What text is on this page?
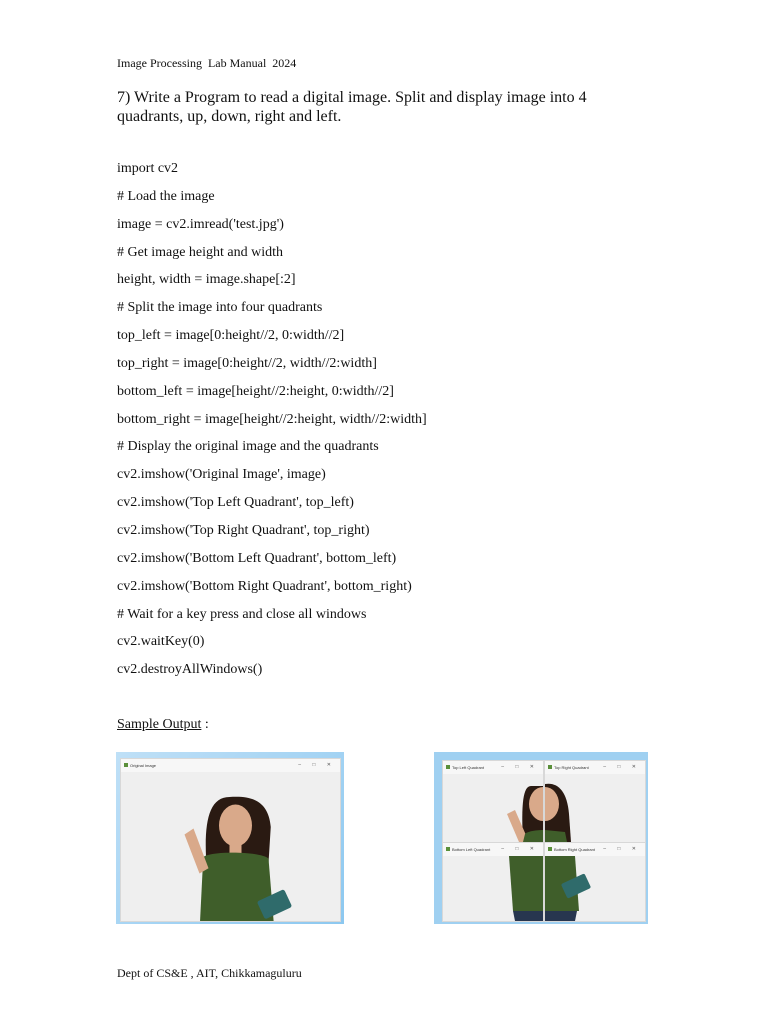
Image Processing  Lab Manual  2024
7) Write a Program to read a digital image. Split and display image into 4 quadrants, up, down, right and left.
import cv2
# Load the image
image = cv2.imread('test.jpg')
# Get image height and width
height, width = image.shape[:2]
# Split the image into four quadrants
top_left = image[0:height//2, 0:width//2]
top_right = image[0:height//2, width//2:width]
bottom_left = image[height//2:height, 0:width//2]
bottom_right = image[height//2:height, width//2:width]
# Display the original image and the quadrants
cv2.imshow('Original Image', image)
cv2.imshow('Top Left Quadrant', top_left)
cv2.imshow('Top Right Quadrant', top_right)
cv2.imshow('Bottom Left Quadrant', bottom_left)
cv2.imshow('Bottom Right Quadrant', bottom_right)
# Wait for a key press and close all windows
cv2.waitKey(0)
cv2.destroyAllWindows()
Sample Output :
Original Image	– □ ✕	Top Left Quadrant	– □ ✕	Top Right Quadrant	– □ ✕
Bottom Left Quadrant – □ ✕	Bottom Right Quadrant – □ ✕
Dept of CS&E , AIT, Chikkamaguluru
